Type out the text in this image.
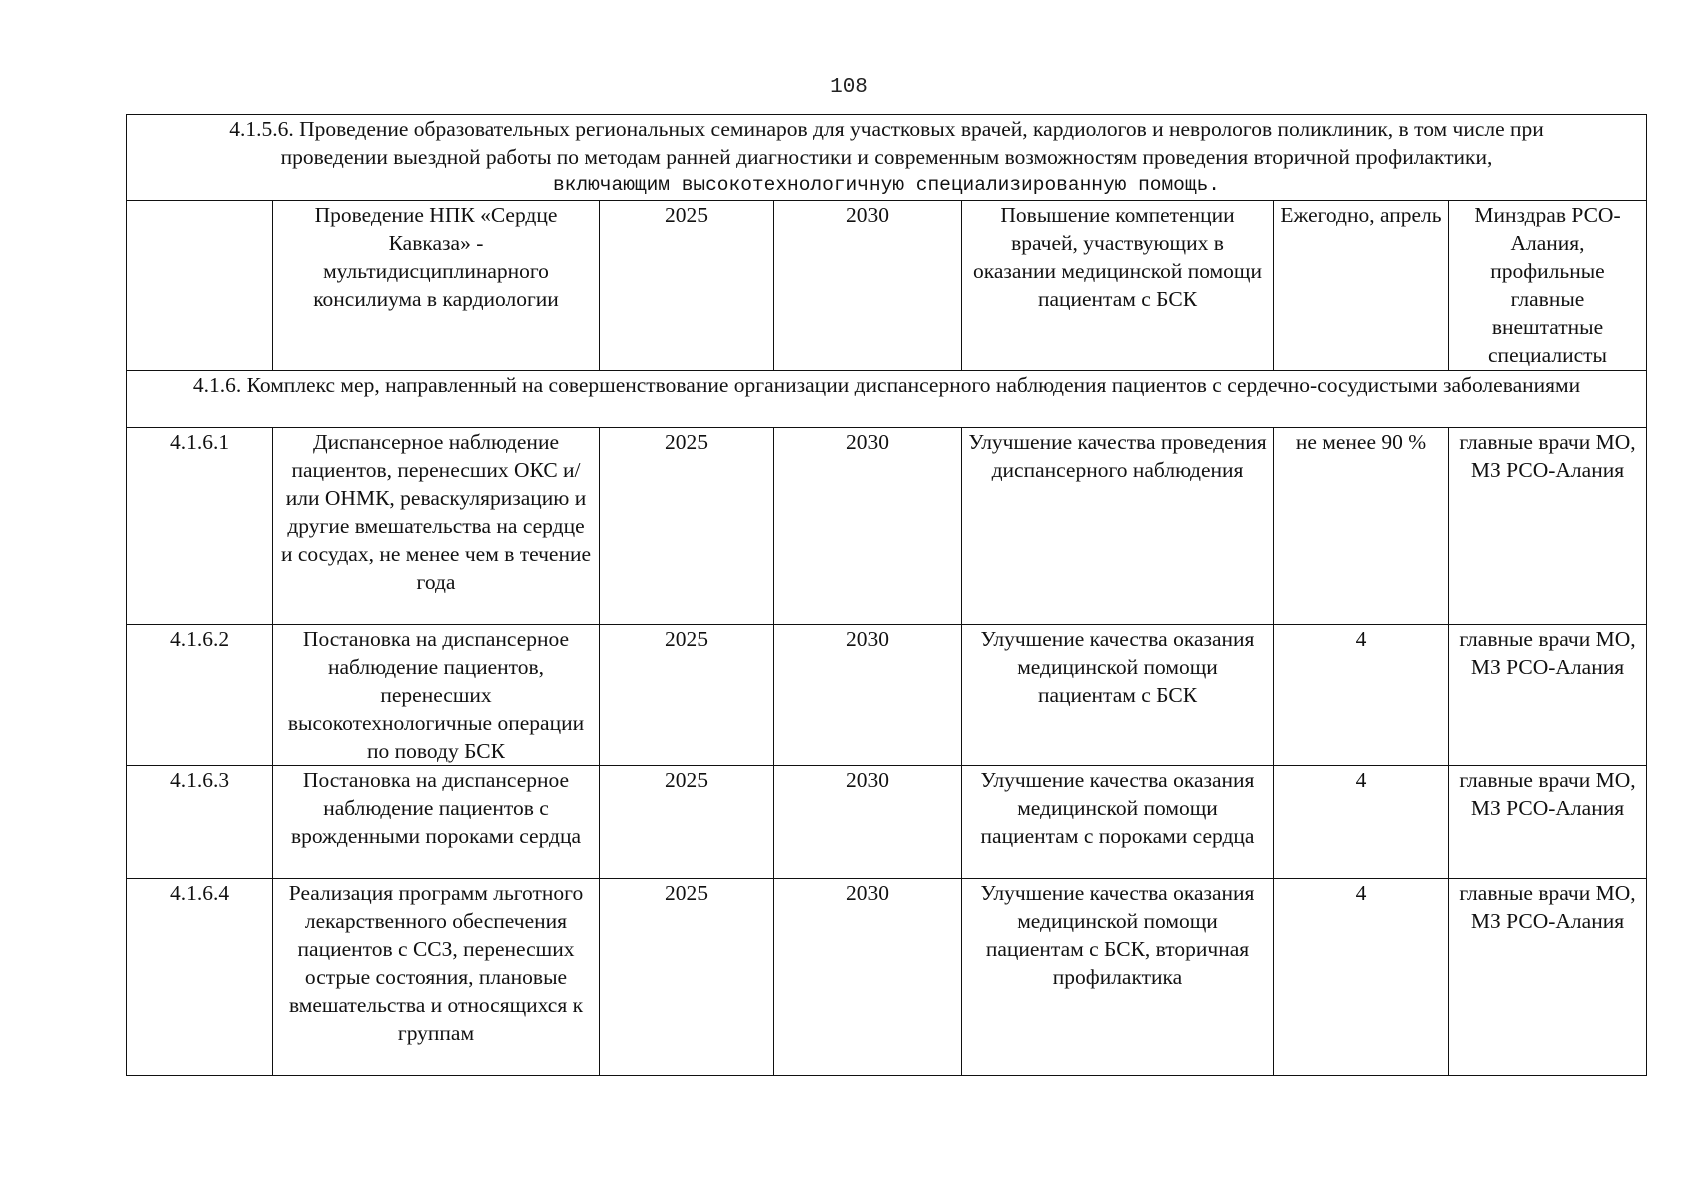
108
4.1.5.6. Проведение образовательных региональных семинаров для участковых врачей, кардиологов и неврологов поликлиник, в том числе при
проведении выездной работы по методам ранней диагностики и современным возможностям проведения вторичной профилактики,
включающим высокотехнологичную специализированную помощь.						

	Проведение НПК «Сердце Кавказа» - мультидисциплинарного консилиума в кардиологии	2025	2030	Повышение компетенции врачей, участвующих в оказании медицинской помощи пациентам с БСК	Ежегодно, апрель	Минздрав РСО-Алания, профильные главные внештатные специалисты
4.1.6. Комплекс мер, направленный на совершенствование организации диспансерного наблюдения пациентов с сердечно-сосудистыми заболеваниями						
4.1.6.1	Диспансерное наблюдение пациентов, перенесших ОКС и/или ОНМК, реваскуляризацию и другие вмешательства на сердце и сосудах, не менее чем в течение года	2025	2030	Улучшение качества проведения диспансерного наблюдения	не менее 90 %	главные врачи МО,
МЗ РСО-Алания

4.1.6.2	Постановка на диспансерное наблюдение пациентов, перенесших высокотехнологичные операции по поводу БСК	2025	2030	Улучшение качества оказания медицинской помощи пациентам с БСК	4	главные врачи МО,
МЗ РСО-Алания

4.1.6.3	Постановка на диспансерное наблюдение пациентов с врожденными пороками сердца	2025	2030	Улучшение качества оказания медицинской помощи пациентам с пороками сердца	4	главные врачи МО,
МЗ РСО-Алания

4.1.6.4	Реализация программ льготного лекарственного обеспечения пациентов с ССЗ, перенесших острые состояния, плановые вмешательства и относящихся к группам	2025	2030	Улучшение качества оказания медицинской помощи пациентам с БСК, вторичная профилактика	4	главные врачи МО,
МЗ РСО-Алания
